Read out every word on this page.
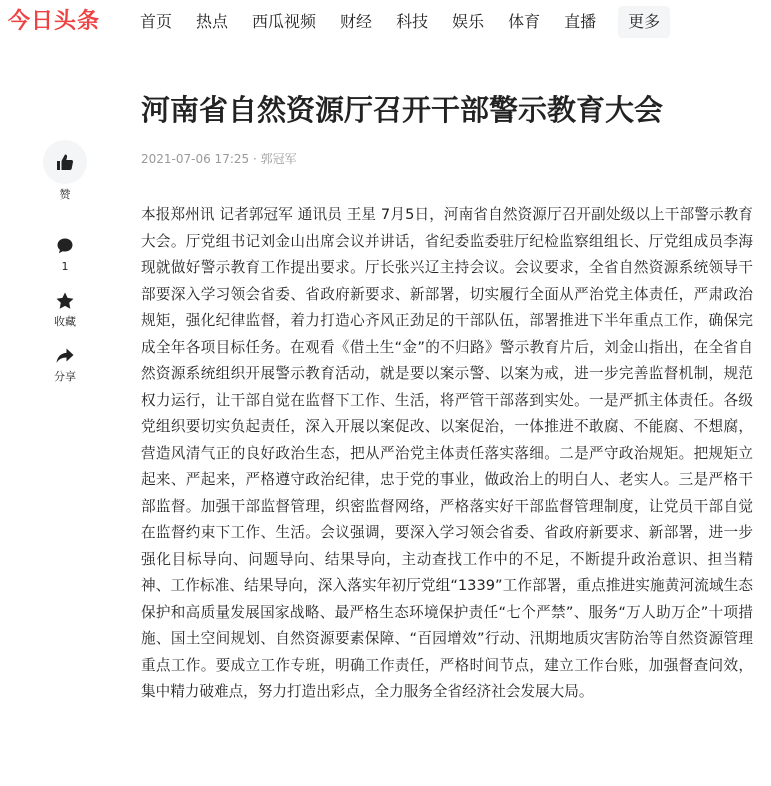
今日头条 首页 热点 西瓜视频 财经 科技 娱乐 体育 直播	更多
赞
1
收藏
分享
河南省自然资源厅召开干部警示教育大会
2021-07-06 17:25 · 郭冠军

本报郑州讯 记者郭冠军 通讯员 王星 7月5日，河南省自然资源厅召开副处级以上干部警示教育大会。厅党组书记刘金山出席会议并讲话，省纪委监委驻厅纪检监察组组长、厅党组成员李海现就做好警示教育工作提出要求。厅长张兴辽主持会议。会议要求，全省自然资源系统领导干部要深入学习领会省委、省政府新要求、新部署，切实履行全面从严治党主体责任，严肃政治规矩，强化纪律监督，着力打造心齐风正劲足的干部队伍，部署推进下半年重点工作，确保完成全年各项目标任务。在观看《借土生“金”的不归路》警示教育片后，刘金山指出，在全省自然资源系统组织开展警示教育活动，就是要以案示警、以案为戒，进一步完善监督机制，规范权力运行，让干部自觉在监督下工作、生活，将严管干部落到实处。一是严抓主体责任。各级党组织要切实负起责任，深入开展以案促改、以案促治，一体推进不敢腐、不能腐、不想腐，营造风清气正的良好政治生态，把从严治党主体责任落实落细。二是严守政治规矩。把规矩立起来、严起来，严格遵守政治纪律，忠于党的事业，做政治上的明白人、老实人。三是严格干部监督。加强干部监督管理，织密监督网络，严格落实好干部监督管理制度，让党员干部自觉在监督约束下工作、生活。会议强调，要深入学习领会省委、省政府新要求、新部署，进一步强化目标导向、问题导向、结果导向，主动查找工作中的不足，不断提升政治意识、担当精神、工作标准、结果导向，深入落实年初厅党组“1339”工作部署，重点推进实施黄河流域生态保护和高质量发展国家战略、最严格生态环境保护责任“七个严禁”、服务“万人助万企”十项措施、国土空间规划、自然资源要素保障、“百园增效”行动、汛期地质灾害防治等自然资源管理重点工作。要成立工作专班，明确工作责任，严格时间节点，建立工作台账，加强督查问效，集中精力破难点，努力打造出彩点，全力服务全省经济社会发展大局。
